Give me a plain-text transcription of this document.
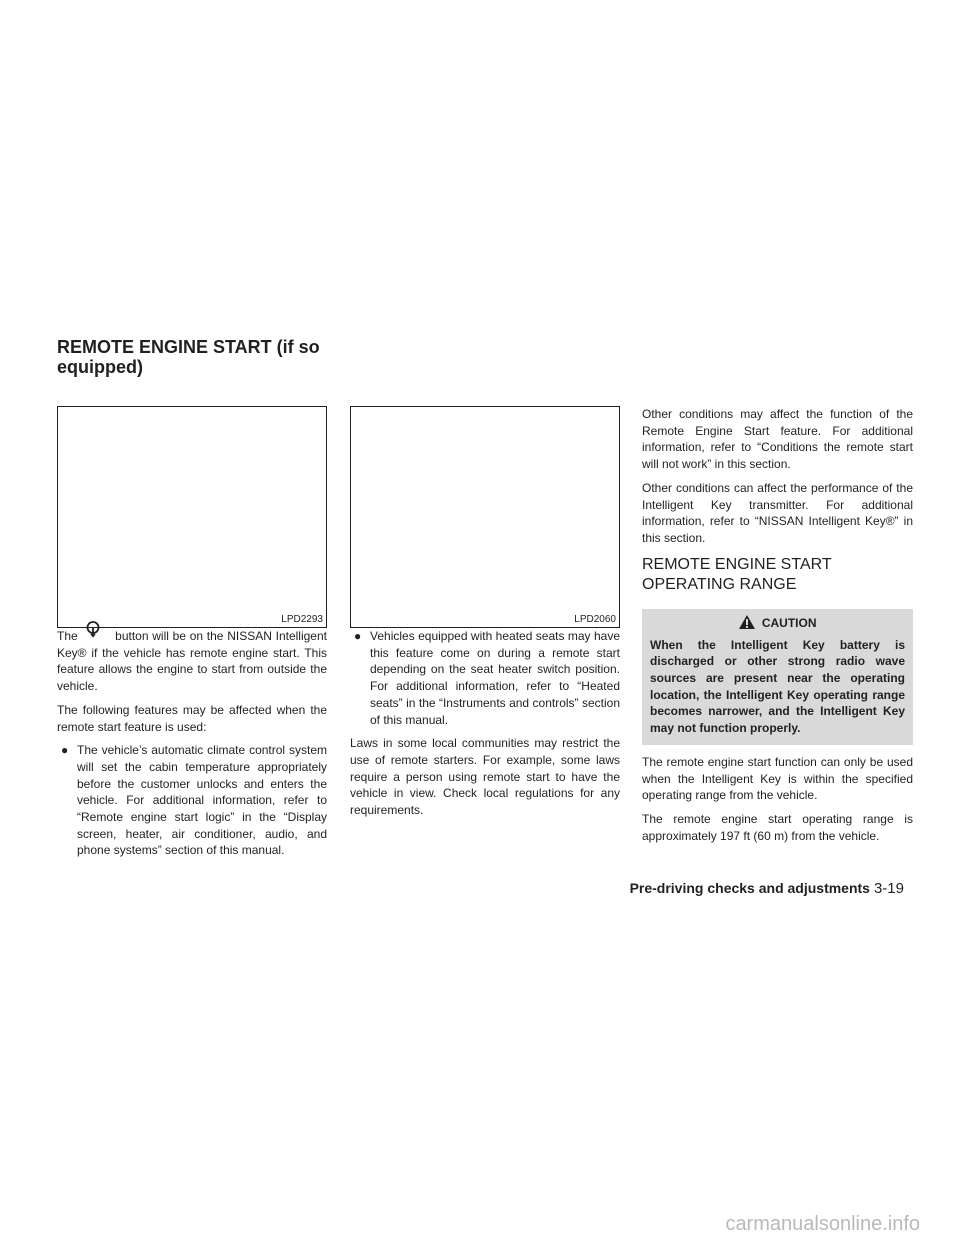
REMOTE ENGINE START (if so equipped)
LPD2293	LPD2060

The	button will be on the NISSAN Intelligent Key® if the vehicle has remote engine start. This feature allows the engine to start from outside the vehicle.

The following features may be affected when the remote start feature is used:

● The vehicle’s automatic climate control system will set the cabin temperature appropriately before the customer unlocks and enters the vehicle. For additional information, refer to “Remote engine start logic” in the “Display screen, heater, air conditioner, audio, and phone systems” section of this manual.
● Vehicles equipped with heated seats may have this feature come on during a remote start depending on the seat heater switch position. For additional information, refer to “Heated seats” in the “Instruments and controls” section of this manual.

Laws in some local communities may restrict the use of remote starters. For example, some laws require a person using remote start to have the vehicle in view. Check local regulations for any requirements.

Other conditions may affect the function of the Remote Engine Start feature. For additional information, refer to “Conditions the remote start will not work” in this section.

Other conditions can affect the performance of the Intelligent Key transmitter. For additional information, refer to “NISSAN Intelligent Key®” in this section.

REMOTE ENGINE START
OPERATING RANGE
CAUTION
When the Intelligent Key battery is discharged or other strong radio wave sources are present near the operating location, the Intelligent Key operating range becomes narrower, and the Intelligent Key may not function properly.

The remote engine start function can only be used when the Intelligent Key is within the specified operating range from the vehicle.

The remote engine start operating range is approximately 197 ft (60 m) from the vehicle.

Pre-driving checks and adjustments 3-19
carmanualsonline.info
